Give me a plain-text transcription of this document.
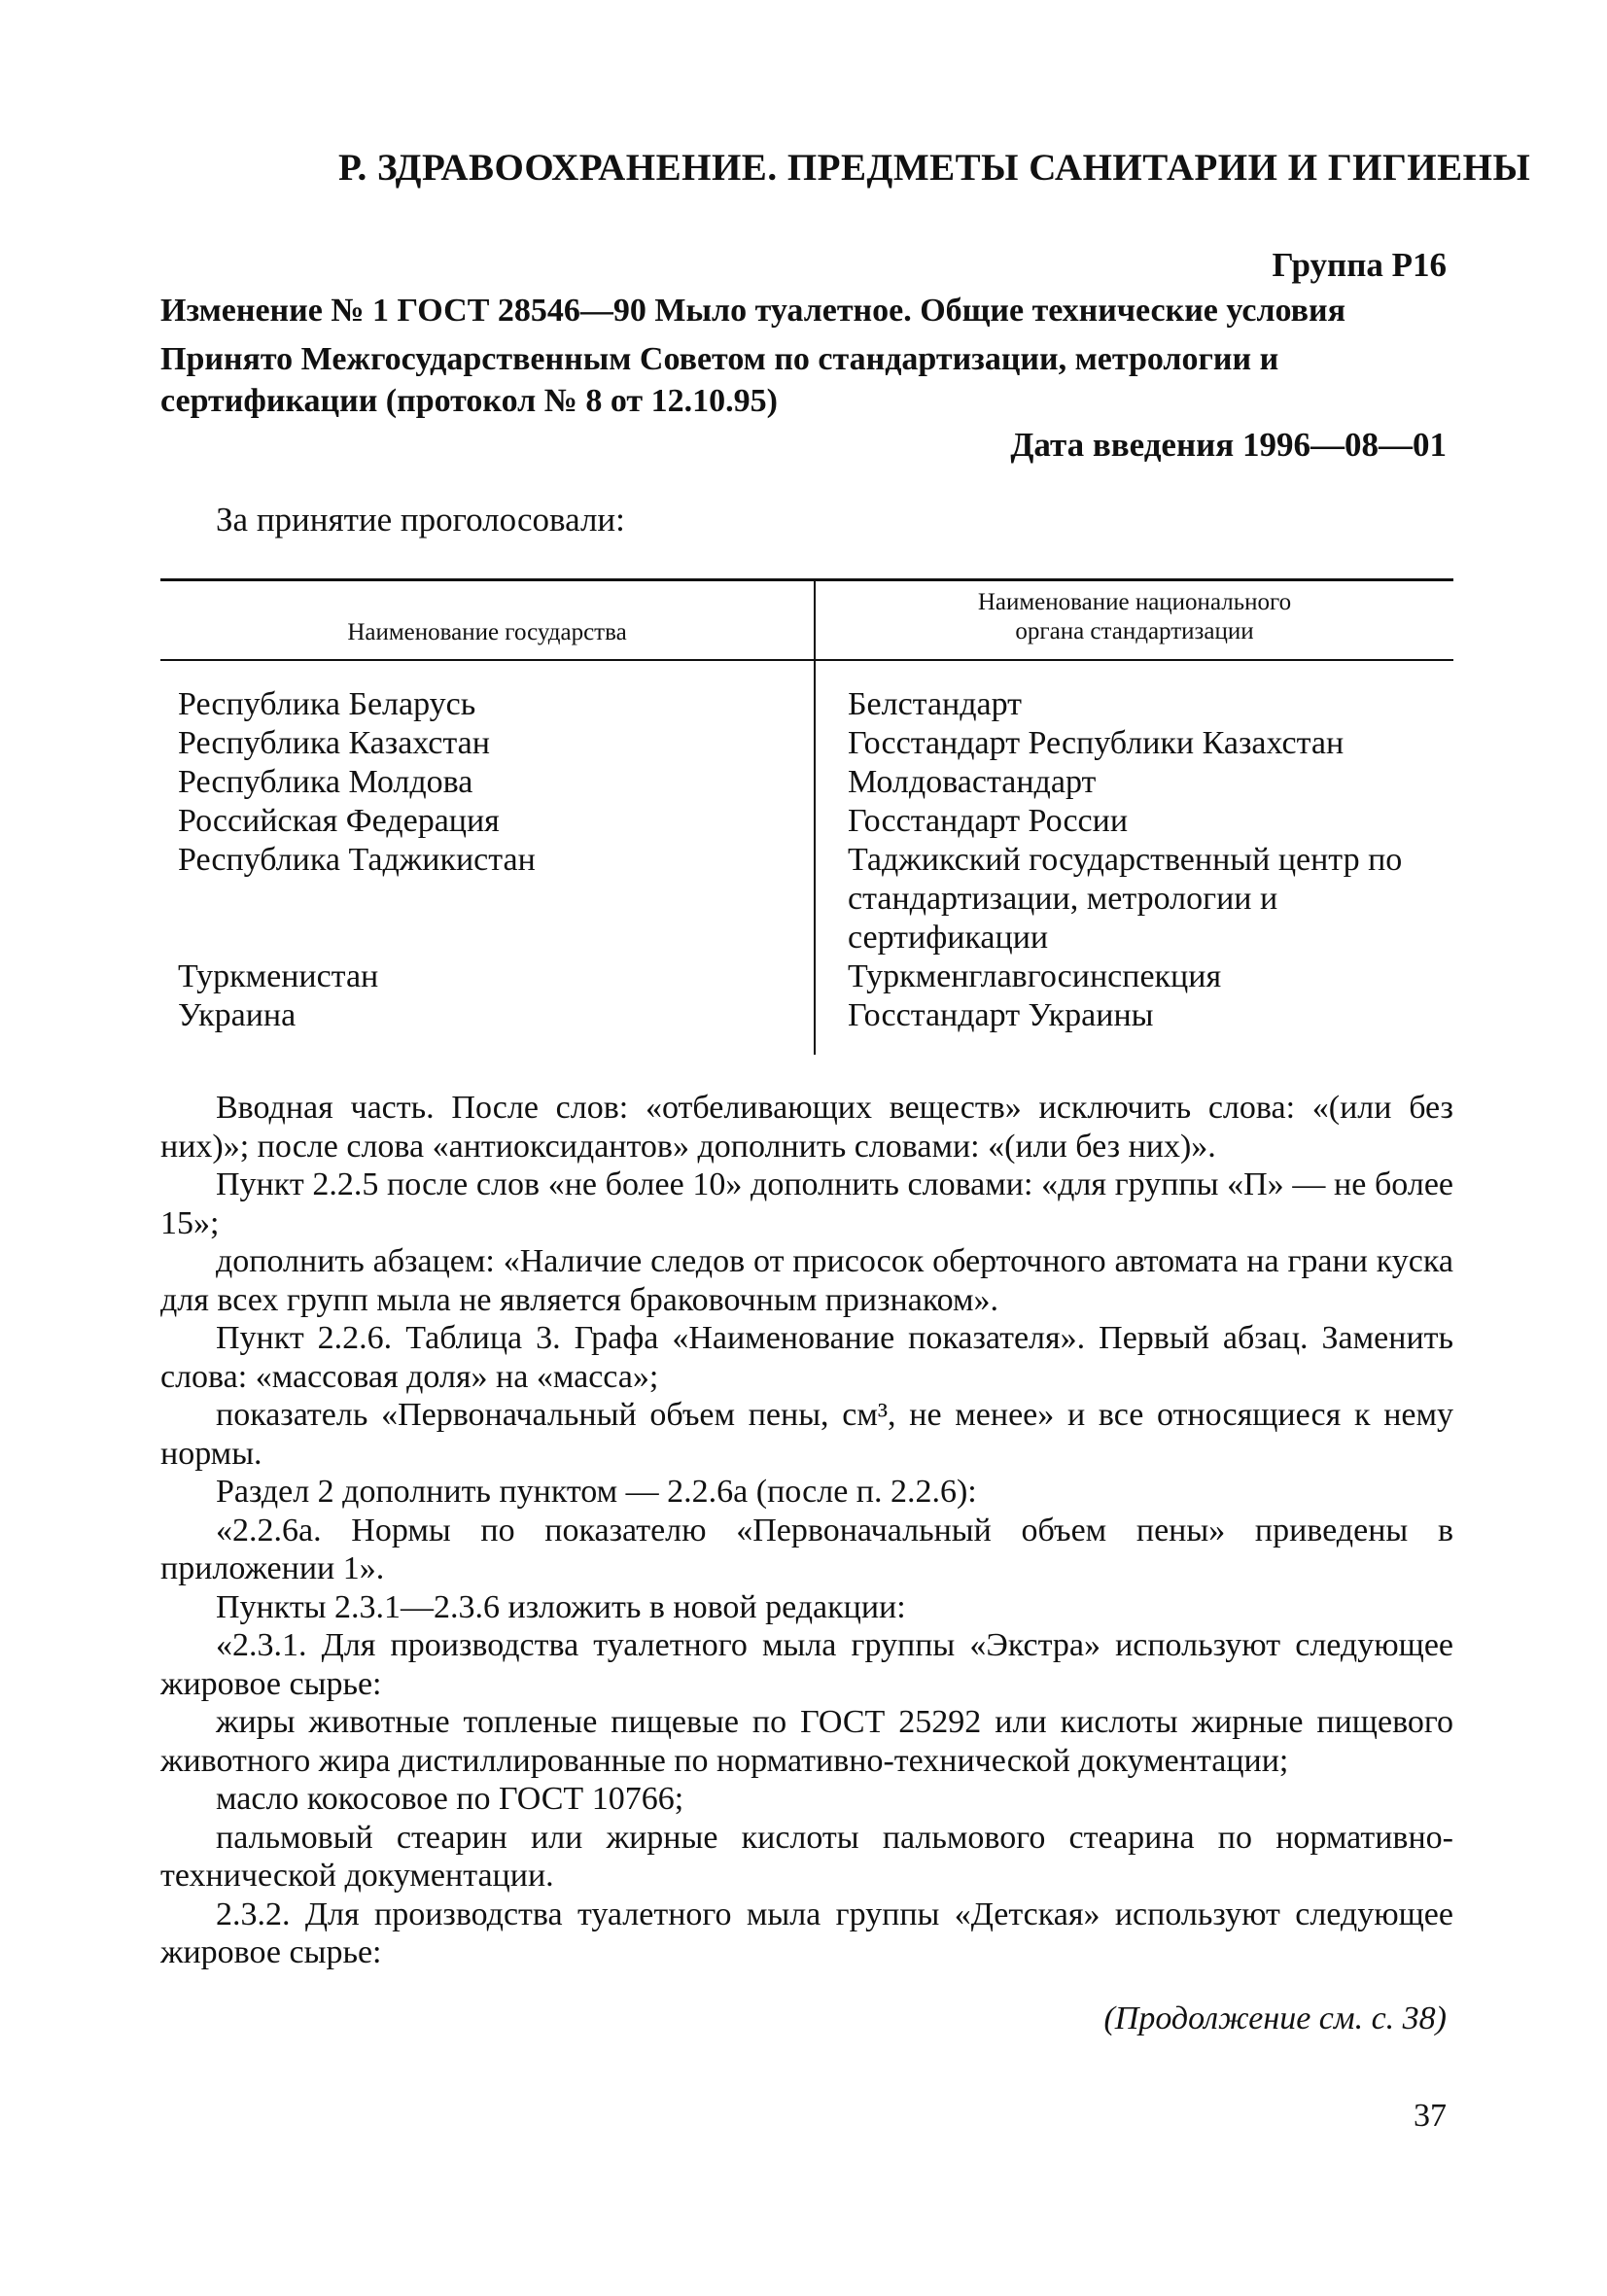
Р. ЗДРАВООХРАНЕНИЕ. ПРЕДМЕТЫ САНИТАРИИ И ГИГИЕНЫ
Группа Р16
Изменение № 1 ГОСТ 28546—90 Мыло туалетное. Общие технические условия
Принято Межгосударственным Советом по стандартизации, метрологии и сертификации (протокол № 8 от 12.10.95)
Дата введения 1996—08—01
За принятие проголосовали:
Наименование государства
Наименование национального
органа стандартизации
Республика Беларусь
Республика Казахстан
Республика Молдова
Российская Федерация
Республика Таджикистан
Туркменистан
Украина
Белстандарт
Госстандарт Республики Казахстан
Молдовастандарт
Госстандарт России
Таджикский государственный центр по стандартизации, метрологии и сертификации
Туркменглавгосинспекция
Госстандарт Украины

Вводная часть. После слов: «отбеливающих веществ» исключить слова: «(или без них)»; после слова «антиоксидантов» дополнить словами: «(или без них)».

Пункт 2.2.5 после слов «не более 10» дополнить словами: «для группы «П» — не более 15»;

дополнить абзацем: «Наличие следов от присосок оберточного автомата на грани куска для всех групп мыла не является браковочным признаком».

Пункт 2.2.6. Таблица 3. Графа «Наименование показателя». Первый абзац. Заменить слова: «массовая доля» на «масса»;

показатель «Первоначальный объем пены, см³, не менее» и все относящиеся к нему нормы.

Раздел 2 дополнить пунктом — 2.2.6а (после п. 2.2.6):

«2.2.6а. Нормы по показателю «Первоначальный объем пены» приведены в приложении 1».

Пункты 2.3.1—2.3.6 изложить в новой редакции:

«2.3.1. Для производства туалетного мыла группы «Экстра» используют следующее жировое сырье:

жиры животные топленые пищевые по ГОСТ 25292 или кислоты жирные пищевого животного жира дистиллированные по нормативно-технической документации;

масло кокосовое по ГОСТ 10766;

пальмовый стеарин или жирные кислоты пальмового стеарина по нормативно-технической документации.

2.3.2. Для производства туалетного мыла группы «Детская» используют следующее жировое сырье:

(Продолжение см. с. 38)
37
